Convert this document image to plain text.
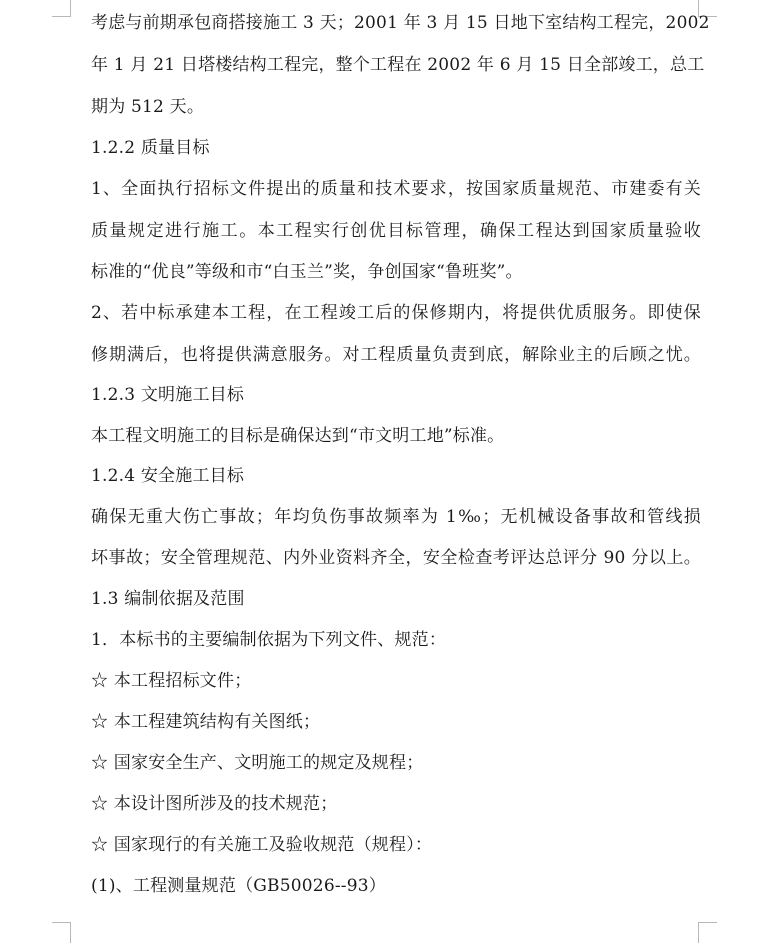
考虑与前期承包商搭接施工 3 天；2001 年 3 月 15 日地下室结构工程完，2002
年 1 月 21 日塔楼结构工程完，整个工程在 2002 年 6 月 15 日全部竣工，总工
期为 512 天。
1.2.2 质量目标
1、全面执行招标文件提出的质量和技术要求，按国家质量规范、市建委有关
质量规定进行施工。本工程实行创优目标管理，确保工程达到国家质量验收
标准的“优良”等级和市“白玉兰”奖，争创国家“鲁班奖”。
2、若中标承建本工程，在工程竣工后的保修期内，将提供优质服务。即使保
修期满后，也将提供满意服务。对工程质量负责到底，解除业主的后顾之忧。
1.2.3 文明施工目标
本工程文明施工的目标是确保达到“市文明工地”标准。
1.2.4 安全施工目标
确保无重大伤亡事故；年均负伤事故频率为 1‰；无机械设备事故和管线损
坏事故；安全管理规范、内外业资料齐全，安全检查考评达总评分 90 分以上。
1.3 编制依据及范围
1．本标书的主要编制依据为下列文件、规范：
☆ 本工程招标文件；
☆ 本工程建筑结构有关图纸；
☆ 国家安全生产、文明施工的规定及规程；
☆ 本设计图所涉及的技术规范；
☆ 国家现行的有关施工及验收规范（规程）：
(1)、工程测量规范（GB50026--93）
